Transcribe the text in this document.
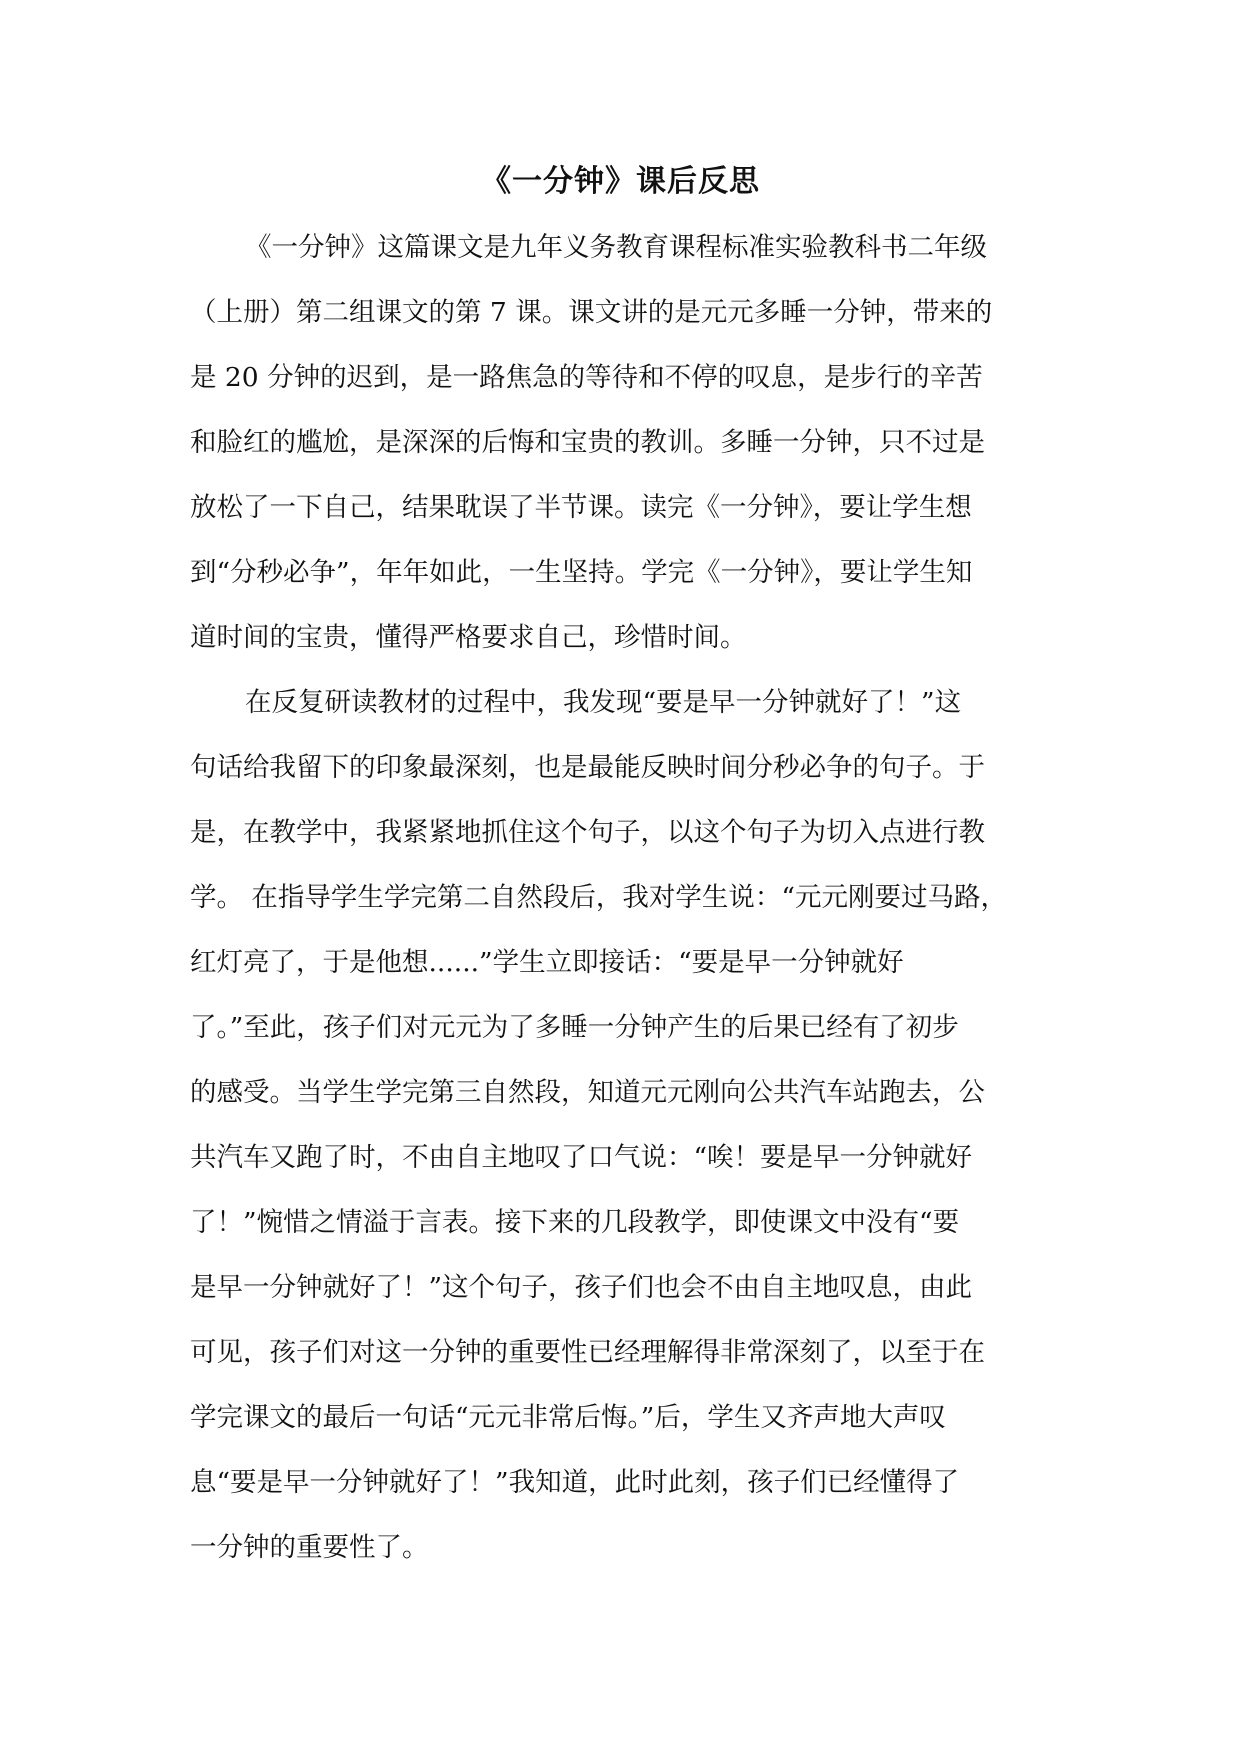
《一分钟》课后反思
《一分钟》这篇课文是九年义务教育课程标准实验教科书二年级
（上册）第二组课文的第 7 课。课文讲的是元元多睡一分钟，带来的
是 20 分钟的迟到，是一路焦急的等待和不停的叹息，是步行的辛苦
和脸红的尴尬，是深深的后悔和宝贵的教训。多睡一分钟，只不过是
放松了一下自己，结果耽误了半节课。读完《一分钟》，要让学生想
到“分秒必争”，年年如此，一生坚持。学完《一分钟》，要让学生知
道时间的宝贵，懂得严格要求自己，珍惜时间。
在反复研读教材的过程中，我发现“要是早一分钟就好了！”这
句话给我留下的印象最深刻，也是最能反映时间分秒必争的句子。于
是，在教学中，我紧紧地抓住这个句子，以这个句子为切入点进行教
学。 在指导学生学完第二自然段后，我对学生说：“元元刚要过马路，
红灯亮了，于是他想......”学生立即接话：“要是早一分钟就好
了。”至此，孩子们对元元为了多睡一分钟产生的后果已经有了初步
的感受。当学生学完第三自然段，知道元元刚向公共汽车站跑去，公
共汽车又跑了时，不由自主地叹了口气说：“唉！要是早一分钟就好
了！”惋惜之情溢于言表。接下来的几段教学，即使课文中没有“要
是早一分钟就好了！”这个句子，孩子们也会不由自主地叹息，由此
可见，孩子们对这一分钟的重要性已经理解得非常深刻了，以至于在
学完课文的最后一句话“元元非常后悔。”后，学生又齐声地大声叹
息“要是早一分钟就好了！”我知道，此时此刻，孩子们已经懂得了
一分钟的重要性了。
